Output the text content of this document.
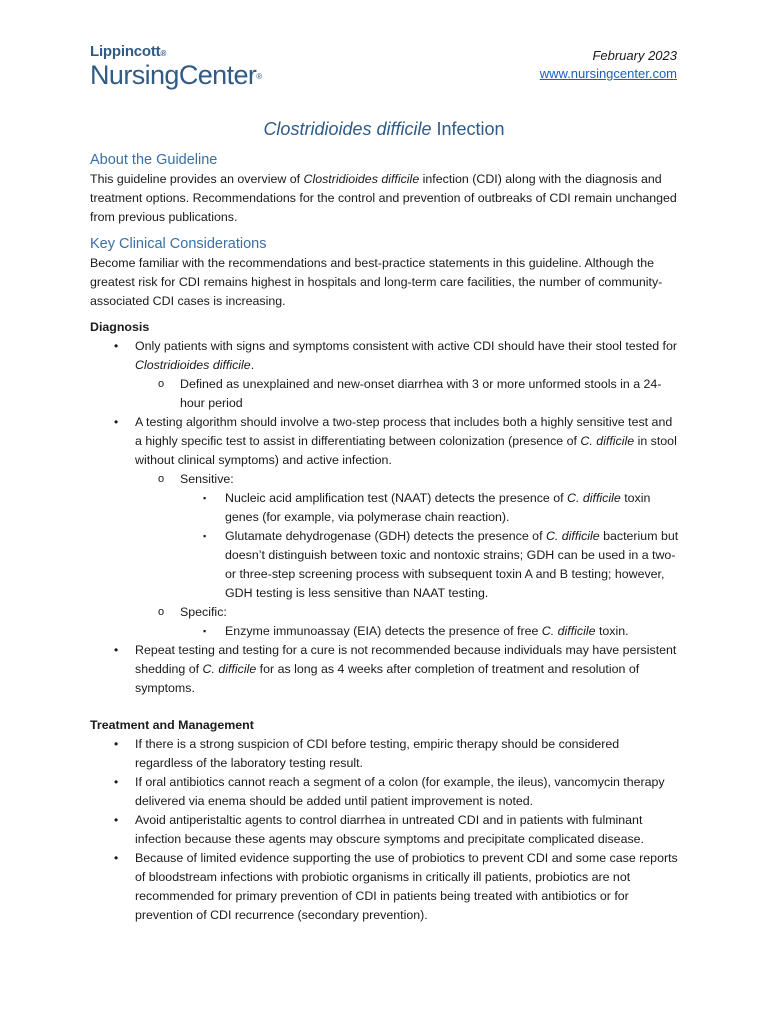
Lippincott®
NursingCenter®
February 2023
www.nursingcenter.com
Clostridioides difficile Infection

About the Guideline

This guideline provides an overview of Clostridioides difficile infection (CDI) along with the diagnosis and treatment options. Recommendations for the control and prevention of outbreaks of CDI remain unchanged from previous publications.

Key Clinical Considerations

Become familiar with the recommendations and best-practice statements in this guideline. Although the greatest risk for CDI remains highest in hospitals and long-term care facilities, the number of community-associated CDI cases is increasing.

Diagnosis

• Only patients with signs and symptoms consistent with active CDI should have their stool tested for Clostridioides difficile.
o Defined as unexplained and new-onset diarrhea with 3 or more unformed stools in a 24-hour period
• A testing algorithm should involve a two-step process that includes both a highly sensitive test and a highly specific test to assist in differentiating between colonization (presence of C. difficile in stool without clinical symptoms) and active infection.
o Sensitive:
▪ Nucleic acid amplification test (NAAT) detects the presence of C. difficile toxin genes (for example, via polymerase chain reaction).
▪ Glutamate dehydrogenase (GDH) detects the presence of C. difficile bacterium but doesn’t distinguish between toxic and nontoxic strains; GDH can be used in a two- or three-step screening process with subsequent toxin A and B testing; however, GDH testing is less sensitive than NAAT testing.
o Specific:
▪ Enzyme immunoassay (EIA) detects the presence of free C. difficile toxin.
• Repeat testing and testing for a cure is not recommended because individuals may have persistent shedding of C. difficile for as long as 4 weeks after completion of treatment and resolution of symptoms.

Treatment and Management

• If there is a strong suspicion of CDI before testing, empiric therapy should be considered regardless of the laboratory testing result.
• If oral antibiotics cannot reach a segment of a colon (for example, the ileus), vancomycin therapy delivered via enema should be added until patient improvement is noted.
• Avoid antiperistaltic agents to control diarrhea in untreated CDI and in patients with fulminant infection because these agents may obscure symptoms and precipitate complicated disease.
• Because of limited evidence supporting the use of probiotics to prevent CDI and some case reports of bloodstream infections with probiotic organisms in critically ill patients, probiotics are not recommended for primary prevention of CDI in patients being treated with antibiotics or for prevention of CDI recurrence (secondary prevention).
